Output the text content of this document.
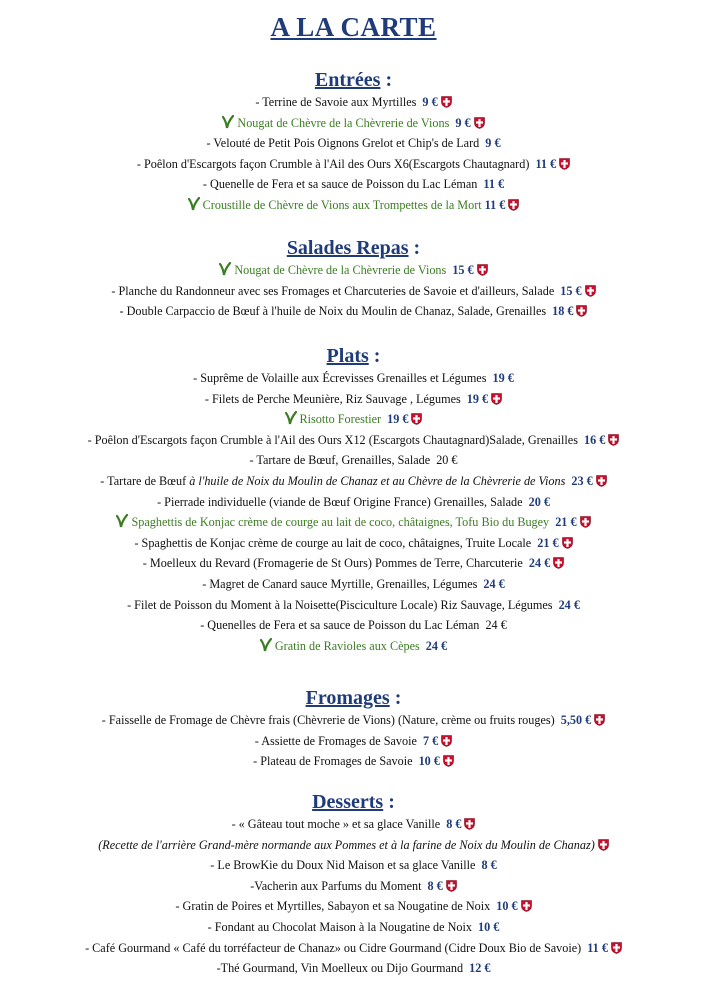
A LA CARTE
Entrées :
- Terrine de Savoie aux Myrtilles 9 €
Nougat de Chèvre de la Chèvrerie de Vions 9 €
- Velouté de Petit Pois Oignons Grelot et Chip's de Lard 9 €
- Poêlon d'Escargots façon Crumble à l'Ail des Ours X6(Escargots Chautagnard) 11 €
- Quenelle de Fera et sa sauce de Poisson du Lac Léman 11 €
Croustille de Chèvre de Vions aux Trompettes de la Mort 11 €
Salades Repas :
Nougat de Chèvre de la Chèvrerie de Vions 15 €
- Planche du Randonneur avec ses Fromages et Charcuteries de Savoie et d'ailleurs, Salade 15 €
- Double Carpaccio de Bœuf à l'huile de Noix du Moulin de Chanaz, Salade, Grenailles 18 €
Plats :
- Suprême de Volaille aux Écrevisses Grenailles et Légumes 19 €
- Filets de Perche Meunière, Riz Sauvage , Légumes 19 €
Risotto Forestier 19 €
- Poêlon d'Escargots façon Crumble à l'Ail des Ours X12 (Escargots Chautagnard)Salade, Grenailles 16 €
- Tartare de Bœuf, Grenailles, Salade 20 €
- Tartare de Bœuf à l'huile de Noix du Moulin de Chanaz et au Chèvre de la Chèvrerie de Vions 23 €
- Pierrade individuelle (viande de Bœuf Origine France) Grenailles, Salade 20 €
Spaghettis de Konjac crème de courge au lait de coco, châtaignes, Tofu Bio du Bugey 21 €
- Spaghettis de Konjac crème de courge au lait de coco, châtaignes, Truite Locale 21 €
- Moelleux du Revard (Fromagerie de St Ours) Pommes de Terre, Charcuterie 24 €
- Magret de Canard sauce Myrtille, Grenailles, Légumes 24 €
- Filet de Poisson du Moment à la Noisette(Pisciculture Locale) Riz Sauvage, Légumes 24 €
- Quenelles de Fera et sa sauce de Poisson du Lac Léman 24 €
Gratin de Ravioles aux Cèpes 24 €
Fromages :
- Faisselle de Fromage de Chèvre frais (Chèvrerie de Vions) (Nature, crème ou fruits rouges) 5,50 €
- Assiette de Fromages de Savoie 7 €
- Plateau de Fromages de Savoie 10 €
Desserts :
- « Gâteau tout moche » et sa glace Vanille 8 €
(Recette de l'arrière Grand-mère normande aux Pommes et à la farine de Noix du Moulin de Chanaz)
- Le BrowKie du Doux Nid Maison et sa glace Vanille 8 €
-Vacherin aux Parfums du Moment 8 €
- Gratin de Poires et Myrtilles, Sabayon et sa Nougatine de Noix 10 €
- Fondant au Chocolat Maison à la Nougatine de Noix 10 €
- Café Gourmand « Café du torréfacteur de Chanaz» ou Cidre Gourmand (Cidre Doux Bio de Savoie) 11 €
-Thé Gourmand, Vin Moelleux ou Dijo Gourmand 12 €
